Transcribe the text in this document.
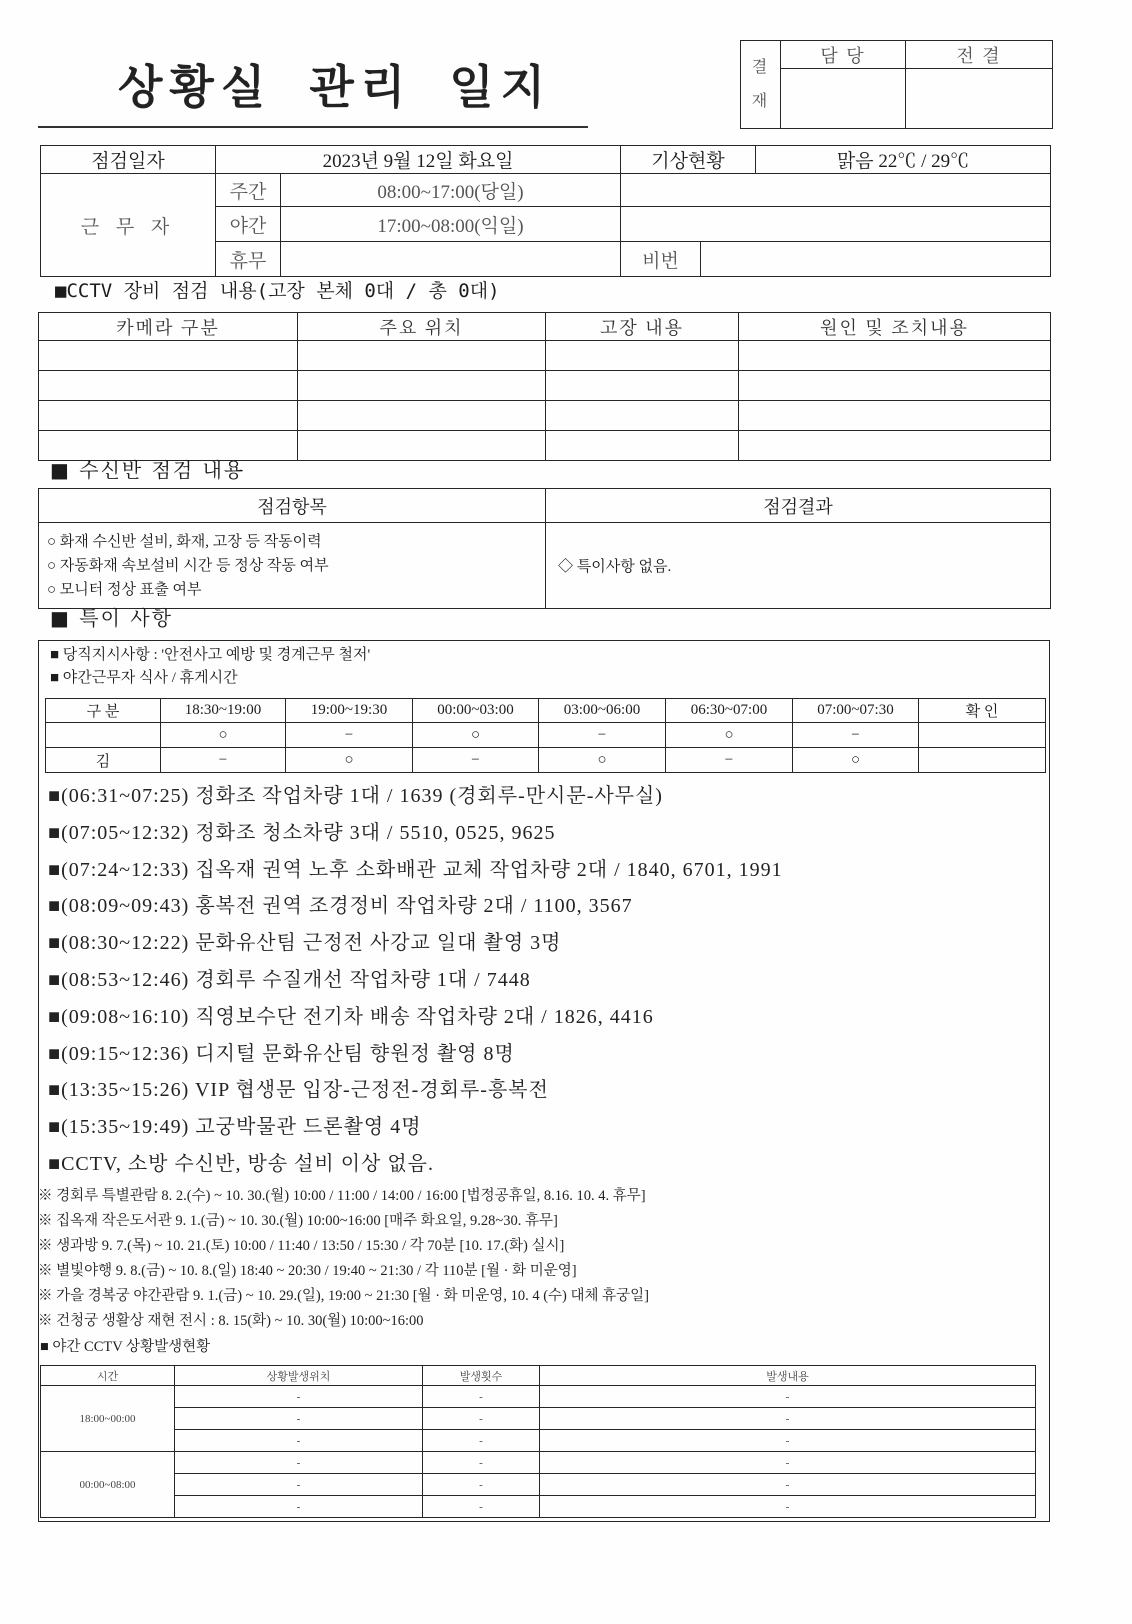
상황실 관리 일지	결
재	담 당	전 결

점검일자	2023년 9월 12일 화요일		기상현황		맑음 22℃ / 29℃
근 무 자	주간	08:00~17:00(당일)			
	야간	17:00~08:00(익일)			
	휴무		비번		
■CCTV 장비 점검 내용(고장 본체 0대 / 총 0대)
카메라 구분	주요 위치	고장 내용	원인 및 조치내용

■ 수신반 점검 내용
점검항목	점검결과

○ 화재 수신반 설비, 화재, 고장 등 작동이력
○ 자동화재 속보설비 시간 등 정상 작동 여부
○ 모니터 정상 표출 여부	◇ 특이사항 없음.
■ 특이 사항
■ 당직지시사항 : '안전사고 예방 및 경계근무 철저'
■ 야간근무자 식사 / 휴게시간
구 분	18:30~19:00	19:00~19:30	00:00~03:00	03:00~06:00	06:30~07:00	07:00~07:30	확 인
	○	−	○	−	○	−	
김	−	○	−	○	−	○	
■(06:31~07:25) 정화조 작업차량 1대 / 1639 (경회루-만시문-사무실)
■(07:05~12:32) 정화조 청소차량 3대 / 5510, 0525, 9625
■(07:24~12:33) 집옥재 권역 노후 소화배관 교체 작업차량 2대 / 1840, 6701, 1991
■(08:09~09:43) 홍복전 권역 조경정비 작업차량 2대 / 1100, 3567
■(08:30~12:22) 문화유산팀 근정전 사강교 일대 촬영 3명
■(08:53~12:46) 경회루 수질개선 작업차량 1대 / 7448
■(09:08~16:10) 직영보수단 전기차 배송 작업차량 2대 / 1826, 4416
■(09:15~12:36) 디지털 문화유산팀 향원정 촬영 8명
■(13:35~15:26) VIP 협생문 입장-근정전-경회루-흥복전
■(15:35~19:49) 고궁박물관 드론촬영 4명
■CCTV, 소방 수신반, 방송 설비 이상 없음.
※ 경회루 특별관람 8. 2.(수) ~ 10. 30.(월) 10:00 / 11:00 / 14:00 / 16:00 [법정공휴일, 8.16. 10. 4. 휴무]
※ 집옥재 작은도서관 9. 1.(금) ~ 10. 30.(월) 10:00~16:00 [매주 화요일, 9.28~30. 휴무]
※ 생과방 9. 7.(목) ~ 10. 21.(토) 10:00 / 11:40 / 13:50 / 15:30 / 각 70분 [10. 17.(화) 실시]
※ 별빛야행 9. 8.(금) ~ 10. 8.(일) 18:40 ~ 20:30 / 19:40 ~ 21:30 / 각 110분 [월 · 화 미운영]
※ 가을 경복궁 야간관람 9. 1.(금) ~ 10. 29.(일), 19:00 ~ 21:30 [월 · 화 미운영, 10. 4 (수) 대체 휴궁일]
※ 건청궁 생활상 재현 전시 : 8. 15(화) ~ 10. 30(월) 10:00~16:00
■ 야간 CCTV 상황발생현황
시간	상황발생위치	발생횟수	발생내용
18:00~00:00	-	-	-
	-	-	-
	-	-	-
00:00~08:00	-	-	-
	-	-	-
	-	-	-
